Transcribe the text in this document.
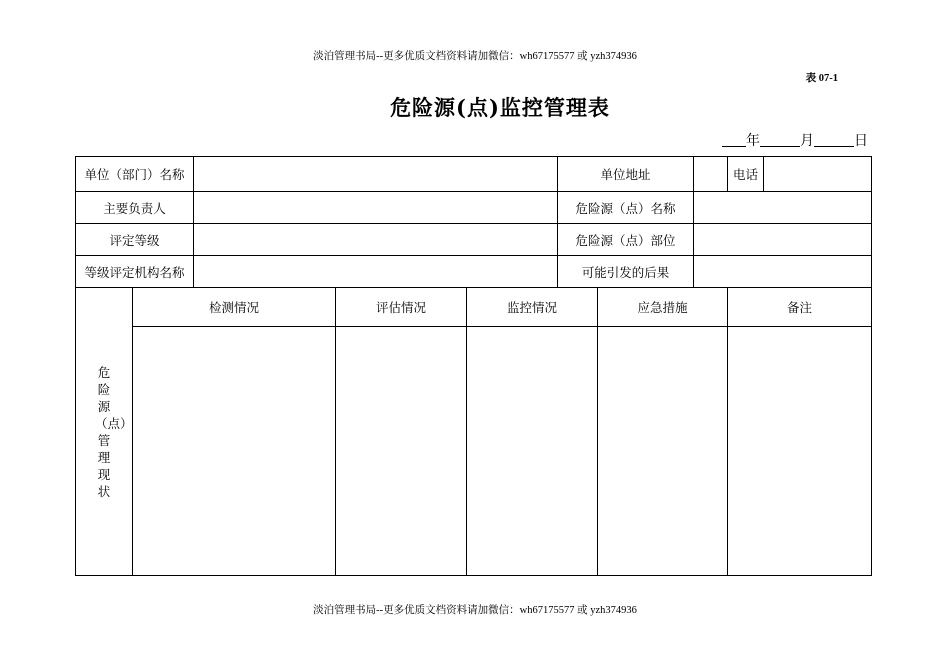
淡泊管理书局--更多优质文档资料请加微信：wh67175577 或 yzh374936
表 07-1
危险源(点)监控管理表
年	月	日
单位（部门）名称					单位地址			电话	
主要负责人					危险源（点）名称				
评定等级					危险源（点）部位				
等级评定机构名称					可能引发的后果				

危险源（点）管理现状	检测情况		评估情况	监控情况		应急措施		备注	

淡泊管理书局--更多优质文档资料请加微信：wh67175577 或 yzh374936
